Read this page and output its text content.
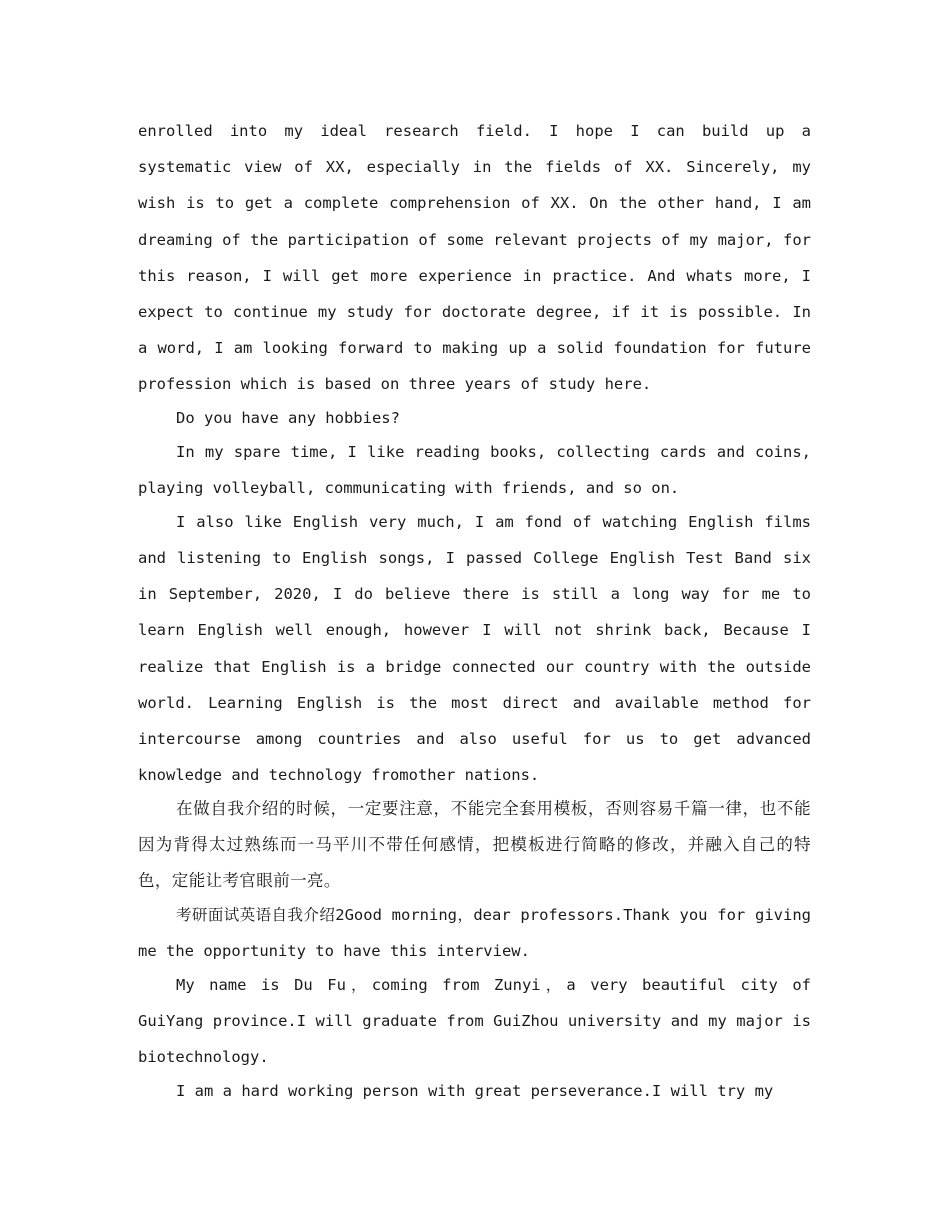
enrolled into my ideal research field. I hope I can build up a systematic view of XX, especially in the fields of XX. Sincerely, my wish is to get a complete comprehension of XX. On the other hand, I am dreaming of the participation of some relevant projects of my major, for this reason, I will get more experience in practice. And whats more, I expect to continue my study for doctorate degree, if it is possible. In a word, I am looking forward to making up a solid foundation for future profession which is based on three years of study here.

Do you have any hobbies?

In my spare time, I like reading books, collecting cards and coins, playing volleyball, communicating with friends, and so on.

I also like English very much, I am fond of watching English films and listening to English songs, I passed College English Test Band six in September, 2020, I do believe there is still a long way for me to learn English well enough, however I will not shrink back, Because I realize that English is a bridge connected our country with the outside world. Learning English is the most direct and available method for intercourse among countries and also useful for us to get advanced knowledge and technology fromother nations.

在做自我介绍的时候，一定要注意，不能完全套用模板，否则容易千篇一律，也不能因为背得太过熟练而一马平川不带任何感情，把模板进行简略的修改，并融入自己的特色，定能让考官眼前一亮。

考研面试英语自我介绍2Good morning，dear professors.Thank you for giving me the opportunity to have this interview.

My name is Du Fu，coming from Zunyi，a very beautiful city of GuiYang province.I will graduate from GuiZhou university and my major is biotechnology.

I am a hard working person with great perseverance.I will try my
